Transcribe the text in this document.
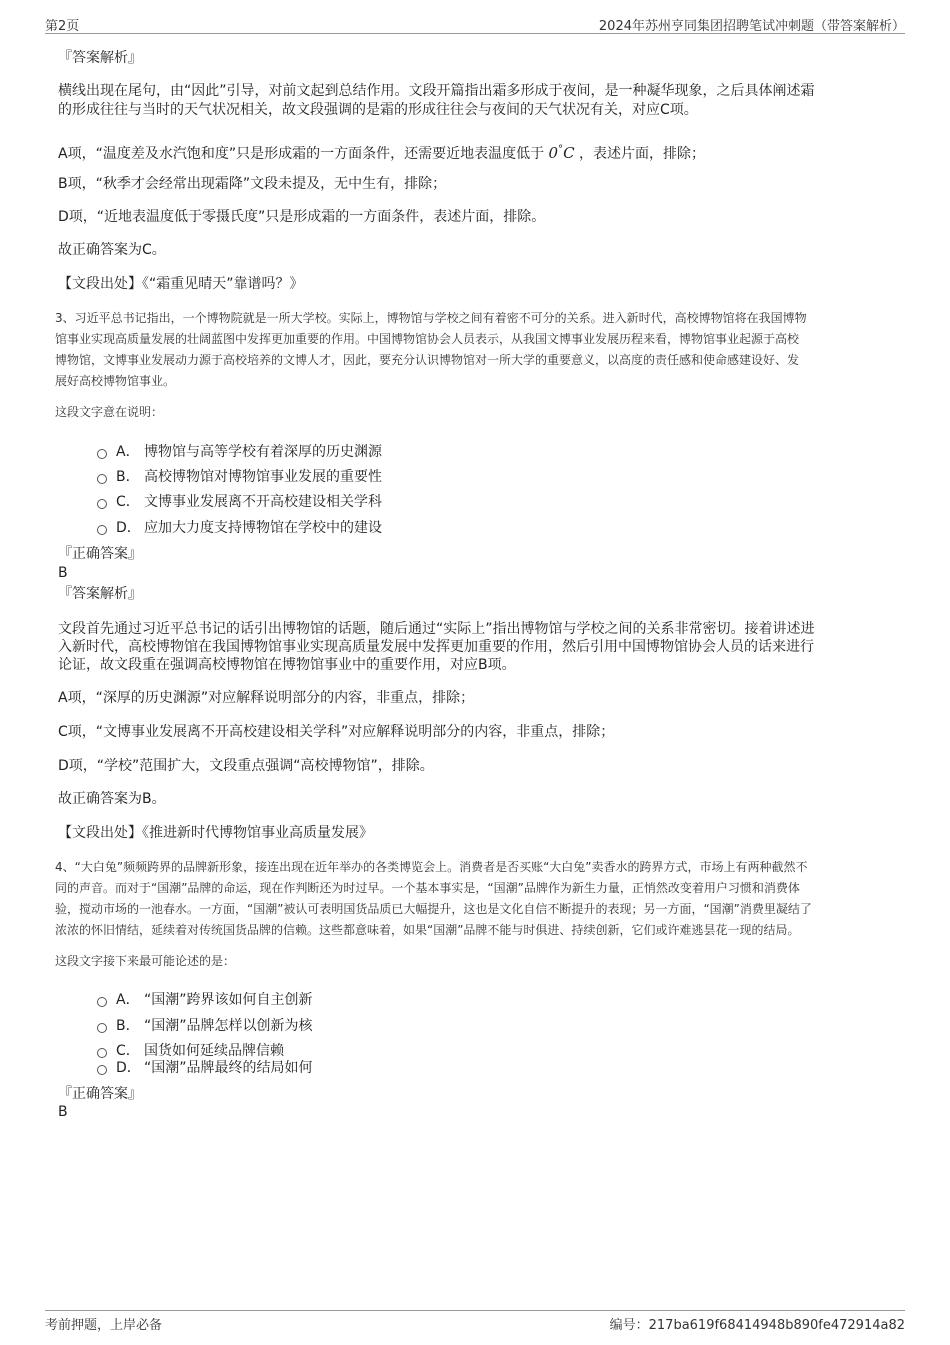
第2页	2024年苏州亨同集团招聘笔试冲刺题（带答案解析）
『答案解析』
横线出现在尾句，由“因此”引导，对前文起到总结作用。文段开篇指出霜多形成于夜间，是一种凝华现象，之后具体阐述霜
的形成往往与当时的天气状况相关，故文段强调的是霜的形成往往会与夜间的天气状况有关，对应C项。
A项，“温度差及水汽饱和度”只是形成霜的一方面条件，还需要近地表温度低于 0°C ，表述片面，排除；
B项，“秋季才会经常出现霜降”文段未提及，无中生有，排除；
D项，“近地表温度低于零摄氏度”只是形成霜的一方面条件，表述片面，排除。
故正确答案为C。
【文段出处】《“霜重见晴天”靠谱吗？》
3、习近平总书记指出，一个博物院就是一所大学校。实际上，博物馆与学校之间有着密不可分的关系。进入新时代，高校博物馆将在我国博物
馆事业实现高质量发展的壮阔蓝图中发挥更加重要的作用。中国博物馆协会人员表示，从我国文博事业发展历程来看，博物馆事业起源于高校
博物馆，文博事业发展动力源于高校培养的文博人才，因此，要充分认识博物馆对一所大学的重要意义，以高度的责任感和使命感建设好、发
展好高校博物馆事业。
这段文字意在说明：
A． 博物馆与高等学校有着深厚的历史渊源
B． 高校博物馆对博物馆事业发展的重要性
C． 文博事业发展离不开高校建设相关学科
D． 应加大力度支持博物馆在学校中的建设
『正确答案』
B
『答案解析』
文段首先通过习近平总书记的话引出博物馆的话题，随后通过“实际上”指出博物馆与学校之间的关系非常密切。接着讲述进
入新时代，高校博物馆在我国博物馆事业实现高质量发展中发挥更加重要的作用，然后引用中国博物馆协会人员的话来进行
论证，故文段重在强调高校博物馆在博物馆事业中的重要作用，对应B项。
A项，“深厚的历史渊源”对应解释说明部分的内容，非重点，排除；
C项，“文博事业发展离不开高校建设相关学科”对应解释说明部分的内容，非重点，排除；
D项，“学校”范围扩大，文段重点强调“高校博物馆”，排除。
故正确答案为B。
【文段出处】《推进新时代博物馆事业高质量发展》
4、“大白兔”频频跨界的品牌新形象，接连出现在近年举办的各类博览会上。消费者是否买账“大白兔”卖香水的跨界方式，市场上有两种截然不
同的声音。而对于“国潮”品牌的命运，现在作判断还为时过早。一个基本事实是，“国潮”品牌作为新生力量，正悄然改变着用户习惯和消费体
验，搅动市场的一池春水。一方面，“国潮”被认可表明国货品质已大幅提升，这也是文化自信不断提升的表现；另一方面，“国潮”消费里凝结了
浓浓的怀旧情结，延续着对传统国货品牌的信赖。这些都意味着，如果“国潮”品牌不能与时俱进、持续创新，它们或许难逃昙花一现的结局。
这段文字接下来最可能论述的是：
A． “国潮”跨界该如何自主创新
B． “国潮”品牌怎样以创新为核
C． 国货如何延续品牌信赖
D． “国潮”品牌最终的结局如何
『正确答案』
B
考前押题，上岸必备	编号：217ba619f68414948b890fe472914a82
